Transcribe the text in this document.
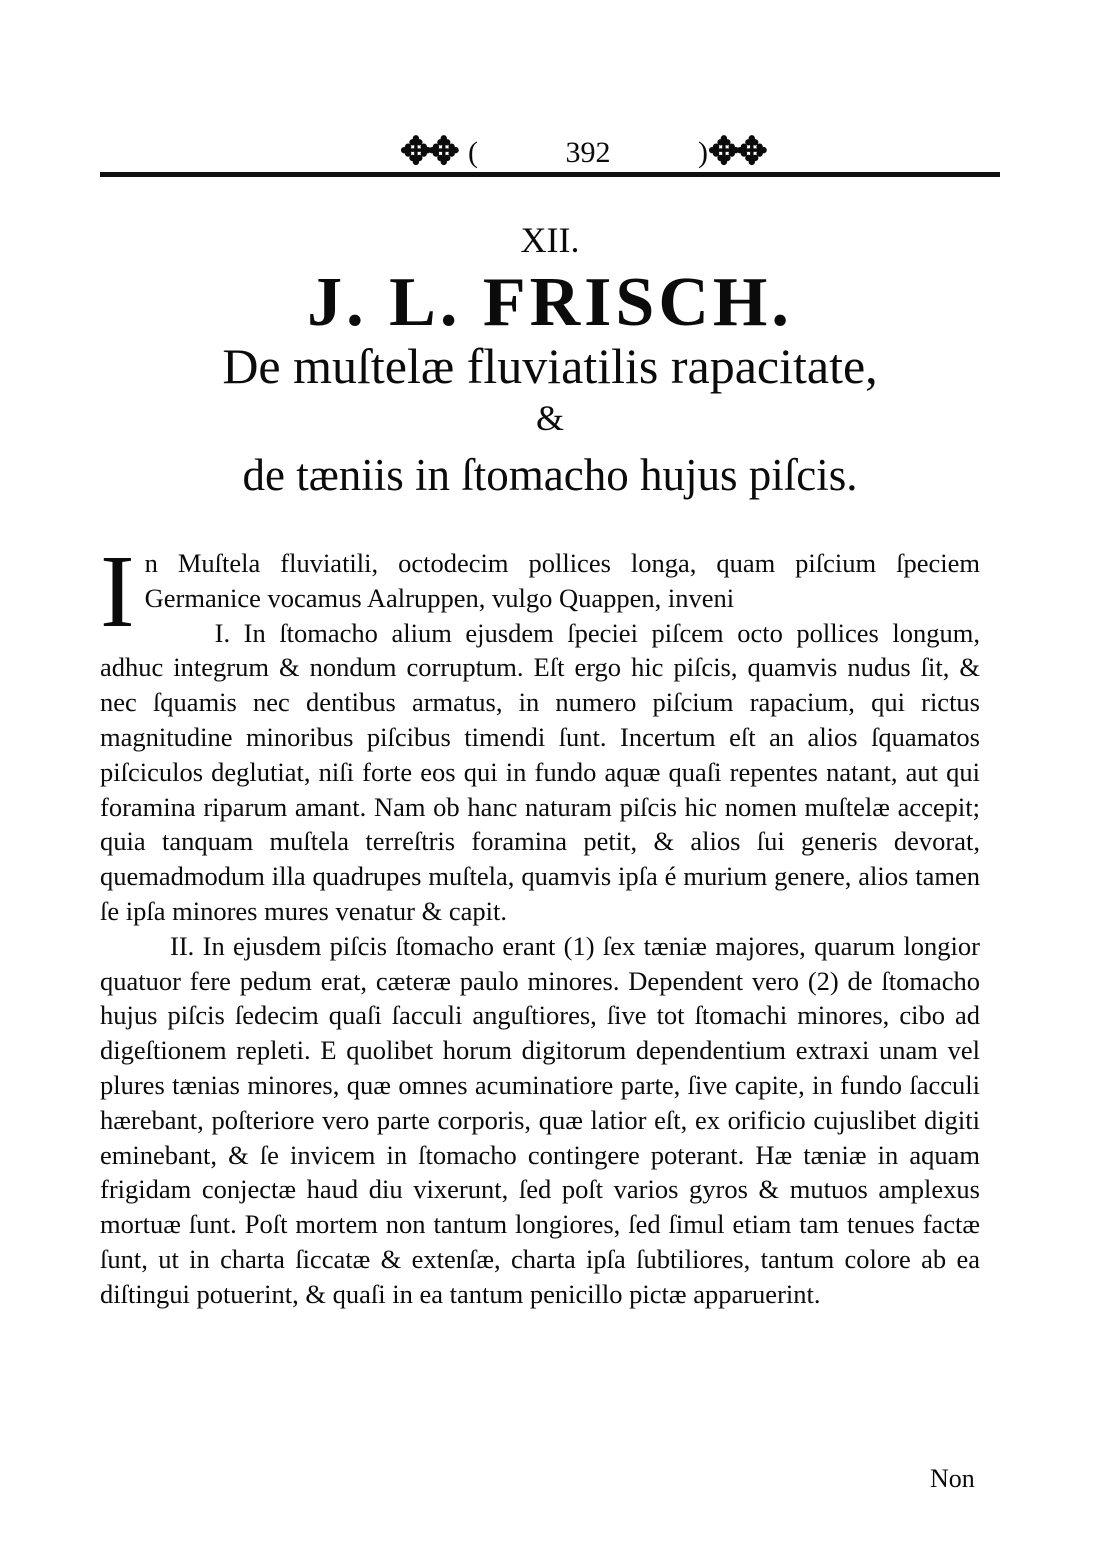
✥✥ (	392	) ✥✥
XII.
J. L. FRISCH.
De muſtelæ fluviatilis rapacitate,
&
de tæniis in ſtomacho hujus piſcis.

In Muſtela fluviatili, octodecim pollices longa, quam piſcium ſpeciem Germanice vocamus Aalruppen, vulgo Quappen, inveni

I. In ſtomacho alium ejusdem ſpeciei piſcem octo pollices longum, adhuc integrum & nondum corruptum. Eſt ergo hic piſcis, quamvis nudus ſit, & nec ſquamis nec dentibus armatus, in numero piſcium rapacium, qui rictus magnitudine minoribus piſcibus timendi ſunt. Incertum eſt an alios ſquamatos piſciculos deglutiat, niſi forte eos qui in fundo aquæ quaſi repentes natant, aut qui foramina riparum amant. Nam ob hanc naturam piſcis hic nomen muſtelæ accepit; quia tanquam muſtela terreſtris foramina petit, & alios ſui generis devorat, quemadmodum illa quadrupes muſtela, quamvis ipſa é murium genere, alios tamen ſe ipſa minores mures venatur & capit.

II. In ejusdem piſcis ſtomacho erant (1) ſex tæniæ majores, quarum longior quatuor fere pedum erat, cæteræ paulo minores. Dependent vero (2) de ſtomacho hujus piſcis ſedecim quaſi ſacculi anguſtiores, ſive tot ſtomachi minores, cibo ad digeſtionem repleti. E quolibet horum digitorum dependentium extraxi unam vel plures tænias minores, quæ omnes acuminatiore parte, ſive capite, in fundo ſacculi hærebant, poſteriore vero parte corporis, quæ latior eſt, ex orificio cujuslibet digiti eminebant, & ſe invicem in ſtomacho contingere poterant. Hæ tæniæ in aquam frigidam conjectæ haud diu vixerunt, ſed poſt varios gyros & mutuos amplexus mortuæ ſunt. Poſt mortem non tantum longiores, ſed ſimul etiam tam tenues factæ ſunt, ut in charta ſiccatæ & extenſæ, charta ipſa ſubtiliores, tantum colore ab ea diſtingui potuerint, & quaſi in ea tantum penicillo pictæ apparuerint.

Non
